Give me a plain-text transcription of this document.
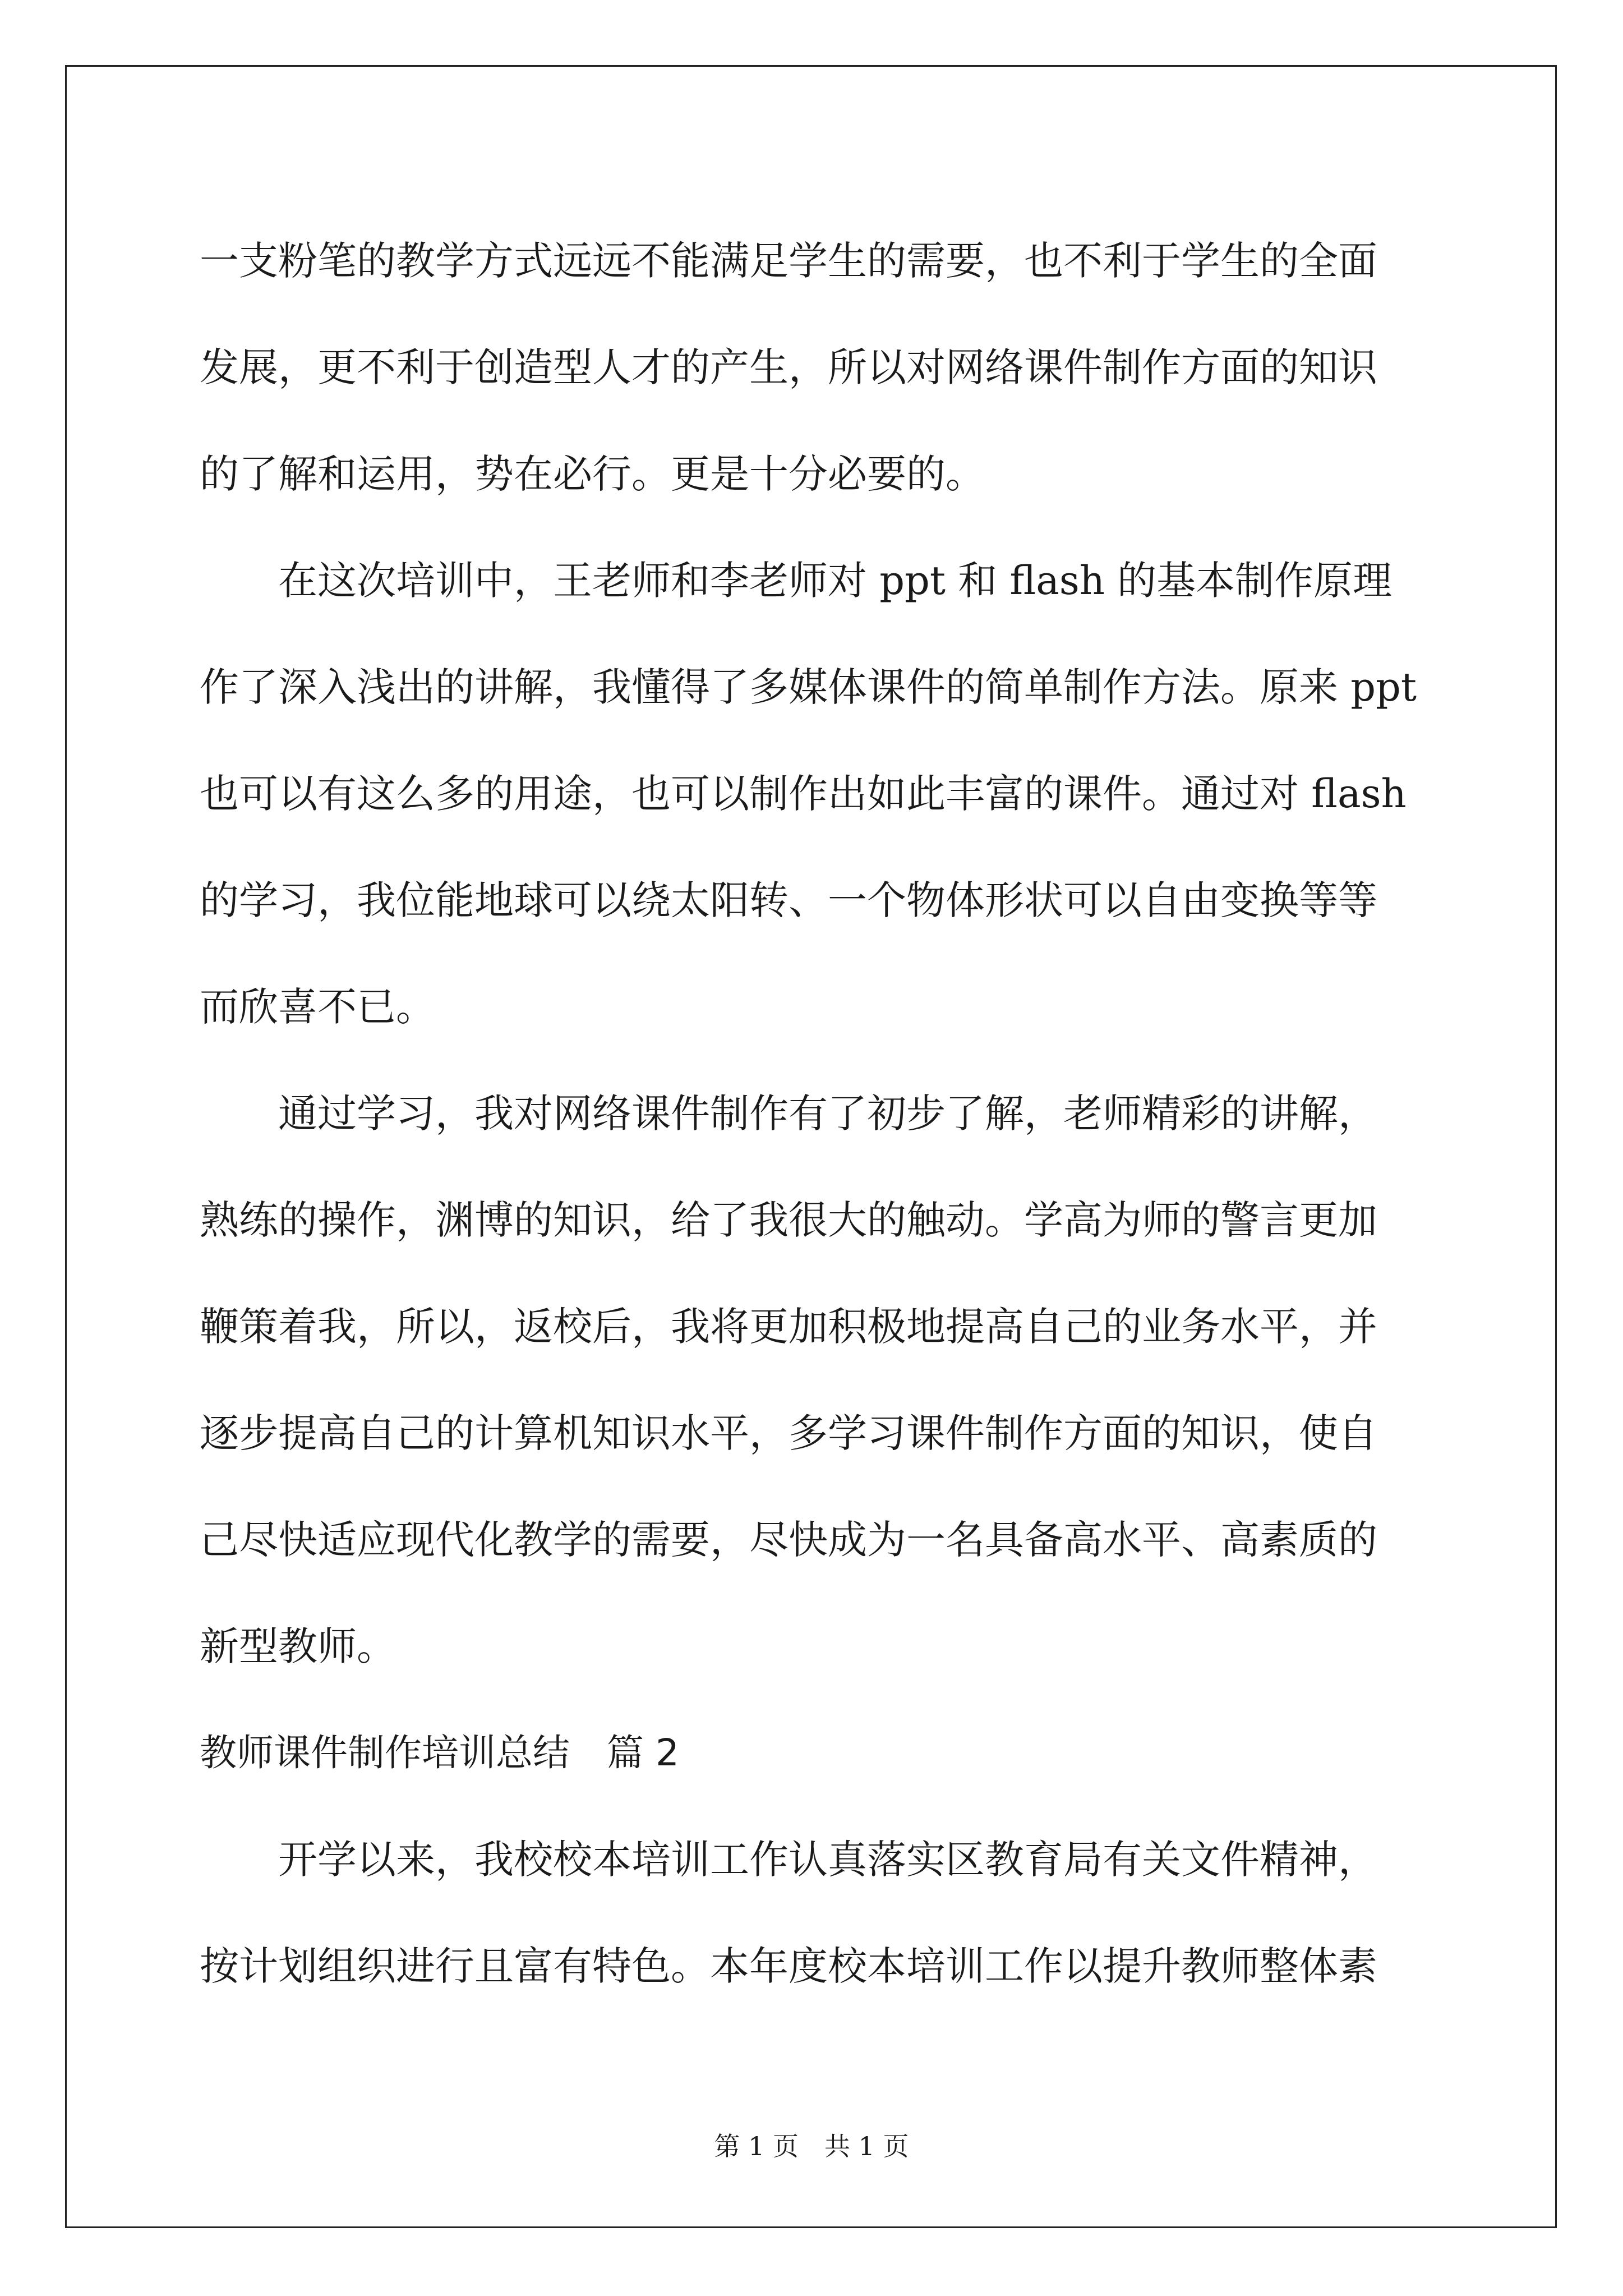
一支粉笔的教学方式远远不能满足学生的需要，也不利于学生的全面
发展，更不利于创造型人才的产生，所以对网络课件制作方面的知识
的了解和运用，势在必行。更是十分必要的。
　　在这次培训中，王老师和李老师对 ppt 和 flash 的基本制作原理
作了深入浅出的讲解，我懂得了多媒体课件的简单制作方法。原来 ppt
也可以有这么多的用途，也可以制作出如此丰富的课件。通过对 flash
的学习，我位能地球可以绕太阳转、一个物体形状可以自由变换等等
而欣喜不已。
　　通过学习，我对网络课件制作有了初步了解，老师精彩的讲解，
熟练的操作，渊博的知识，给了我很大的触动。学高为师的警言更加
鞭策着我，所以，返校后，我将更加积极地提高自己的业务水平，并
逐步提高自己的计算机知识水平，多学习课件制作方面的知识，使自
己尽快适应现代化教学的需要，尽快成为一名具备高水平、高素质的
新型教师。
教师课件制作培训总结　篇 2
　　开学以来，我校校本培训工作认真落实区教育局有关文件精神，
按计划组织进行且富有特色。本年度校本培训工作以提升教师整体素
第 1 页　共 1 页
